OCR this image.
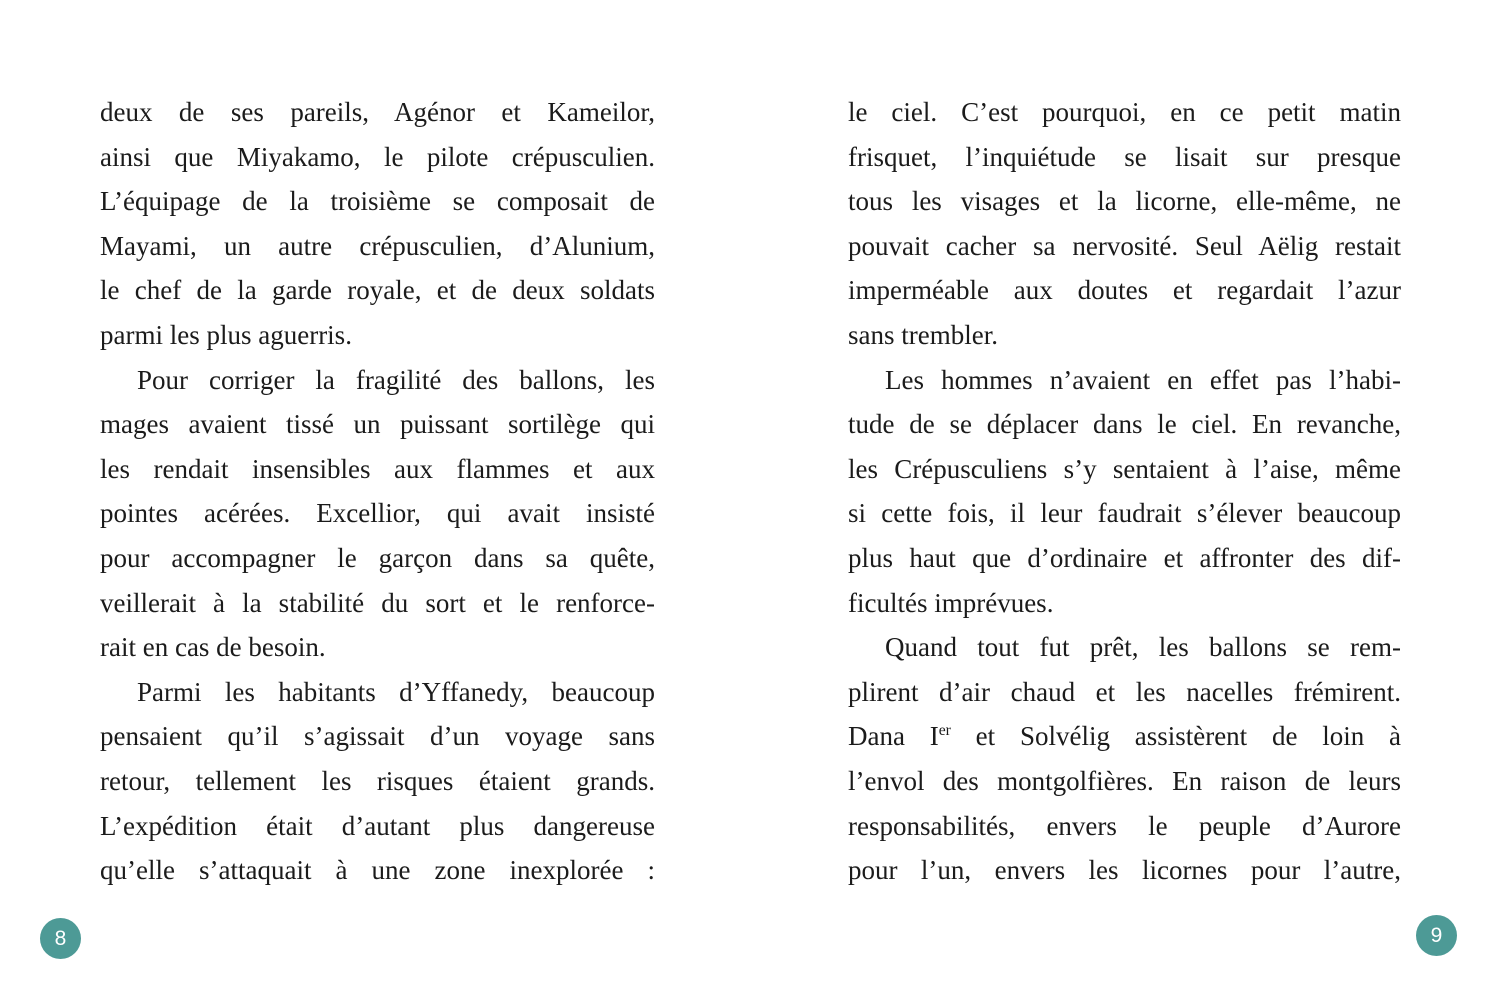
deux de ses pareils, Agénor et Kameilor,
ainsi que Miyakamo, le pilote crépusculien.
L’équipage de la troisième se composait de
Mayami, un autre crépusculien, d’Alunium,
le chef de la garde royale, et de deux soldats
parmi les plus aguerris.
Pour corriger la fragilité des ballons, les
mages avaient tissé un puissant sortilège qui
les rendait insensibles aux flammes et aux
pointes acérées. Excellior, qui avait insisté
pour accompagner le garçon dans sa quête,
veillerait à la stabilité du sort et le renforce-
rait en cas de besoin.
Parmi les habitants d’Yffanedy, beaucoup
pensaient qu’il s’agissait d’un voyage sans
retour, tellement les risques étaient grands.
L’expédition était d’autant plus dangereuse
qu’elle s’attaquait à une zone inexplorée :
le ciel. C’est pourquoi, en ce petit matin
frisquet, l’inquiétude se lisait sur presque
tous les visages et la licorne, elle-même, ne
pouvait cacher sa nervosité. Seul Aëlig restait
imperméable aux doutes et regardait l’azur
sans trembler.
Les hommes n’avaient en effet pas l’habi-
tude de se déplacer dans le ciel. En revanche,
les Crépusculiens s’y sentaient à l’aise, même
si cette fois, il leur faudrait s’élever beaucoup
plus haut que d’ordinaire et affronter des dif-
ficultés imprévues.
Quand tout fut prêt, les ballons se rem-
plirent d’air chaud et les nacelles frémirent.
Dana Ier et Solvélig assistèrent de loin à
l’envol des montgolfières. En raison de leurs
responsabilités, envers le peuple d’Aurore
pour l’un, envers les licornes pour l’autre,
8	9
